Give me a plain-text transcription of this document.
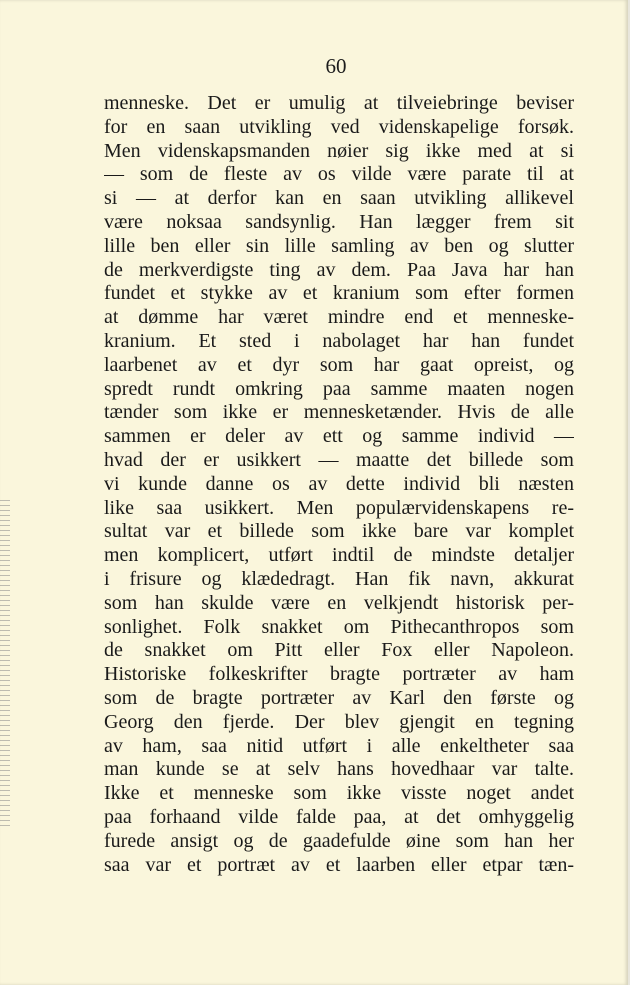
60
menneske. Det er umulig at tilveiebringe beviser
for en saan utvikling ved videnskapelige forsøk.
Men videnskapsmanden nøier sig ikke med at si
— som de fleste av os vilde være parate til at
si — at derfor kan en saan utvikling allikevel
være noksaa sandsynlig. Han lægger frem sit
lille ben eller sin lille samling av ben og slutter
de merkverdigste ting av dem. Paa Java har han
fundet et stykke av et kranium som efter formen
at dømme har været mindre end et menneske-
kranium. Et sted i nabolaget har han fundet
laarbenet av et dyr som har gaat opreist, og
spredt rundt omkring paa samme maaten nogen
tænder som ikke er mennesketænder. Hvis de alle
sammen er deler av ett og samme individ —
hvad der er usikkert — maatte det billede som
vi kunde danne os av dette individ bli næsten
like saa usikkert. Men populærvidenskapens re-
sultat var et billede som ikke bare var komplet
men komplicert, utført indtil de mindste detaljer
i frisure og klædedragt. Han fik navn, akkurat
som han skulde være en velkjendt historisk per-
sonlighet. Folk snakket om Pithecanthropos som
de snakket om Pitt eller Fox eller Napoleon.
Historiske folkeskrifter bragte portræter av ham
som de bragte portræter av Karl den første og
Georg den fjerde. Der blev gjengit en tegning
av ham, saa nitid utført i alle enkeltheter saa
man kunde se at selv hans hovedhaar var talte.
Ikke et menneske som ikke visste noget andet
paa forhaand vilde falde paa, at det omhyggelig
furede ansigt og de gaadefulde øine som han her
saa var et portræt av et laarben eller etpar tæn-
